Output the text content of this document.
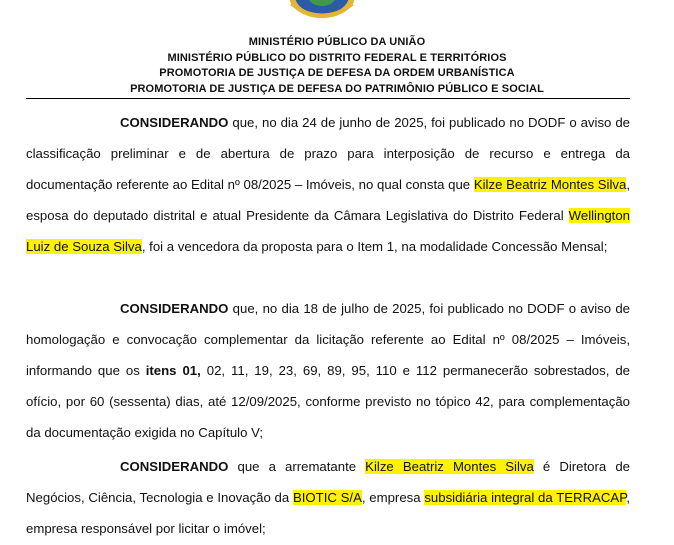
MINISTÉRIO PÚBLICO DA UNIÃO
MINISTÉRIO PÚBLICO DO DISTRITO FEDERAL E TERRITÓRIOS
PROMOTORIA DE JUSTIÇA DE DEFESA DA ORDEM URBANÍSTICA
PROMOTORIA DE JUSTIÇA DE DEFESA DO PATRIMÔNIO PÚBLICO E SOCIAL
CONSIDERANDO que, no dia 24 de junho de 2025, foi publicado no DODF o aviso de classificação preliminar e de abertura de prazo para interposição de recurso e entrega da documentação referente ao Edital nº 08/2025 – Imóveis, no qual consta que Kilze Beatriz Montes Silva, esposa do deputado distrital e atual Presidente da Câmara Legislativa do Distrito Federal Wellington Luiz de Souza Silva, foi a vencedora da proposta para o Item 1, na modalidade Concessão Mensal;
CONSIDERANDO que, no dia 18 de julho de 2025, foi publicado no DODF o aviso de homologação e convocação complementar da licitação referente ao Edital nº 08/2025 – Imóveis, informando que os itens 01, 02, 11, 19, 23, 69, 89, 95, 110 e 112 permanecerão sobrestados, de ofício, por 60 (sessenta) dias, até 12/09/2025, conforme previsto no tópico 42, para complementação da documentação exigida no Capítulo V;
CONSIDERANDO que a arrematante Kilze Beatriz Montes Silva é Diretora de Negócios, Ciência, Tecnologia e Inovação da BIOTIC S/A, empresa subsidiária integral da TERRACAP, empresa responsável por licitar o imóvel;
